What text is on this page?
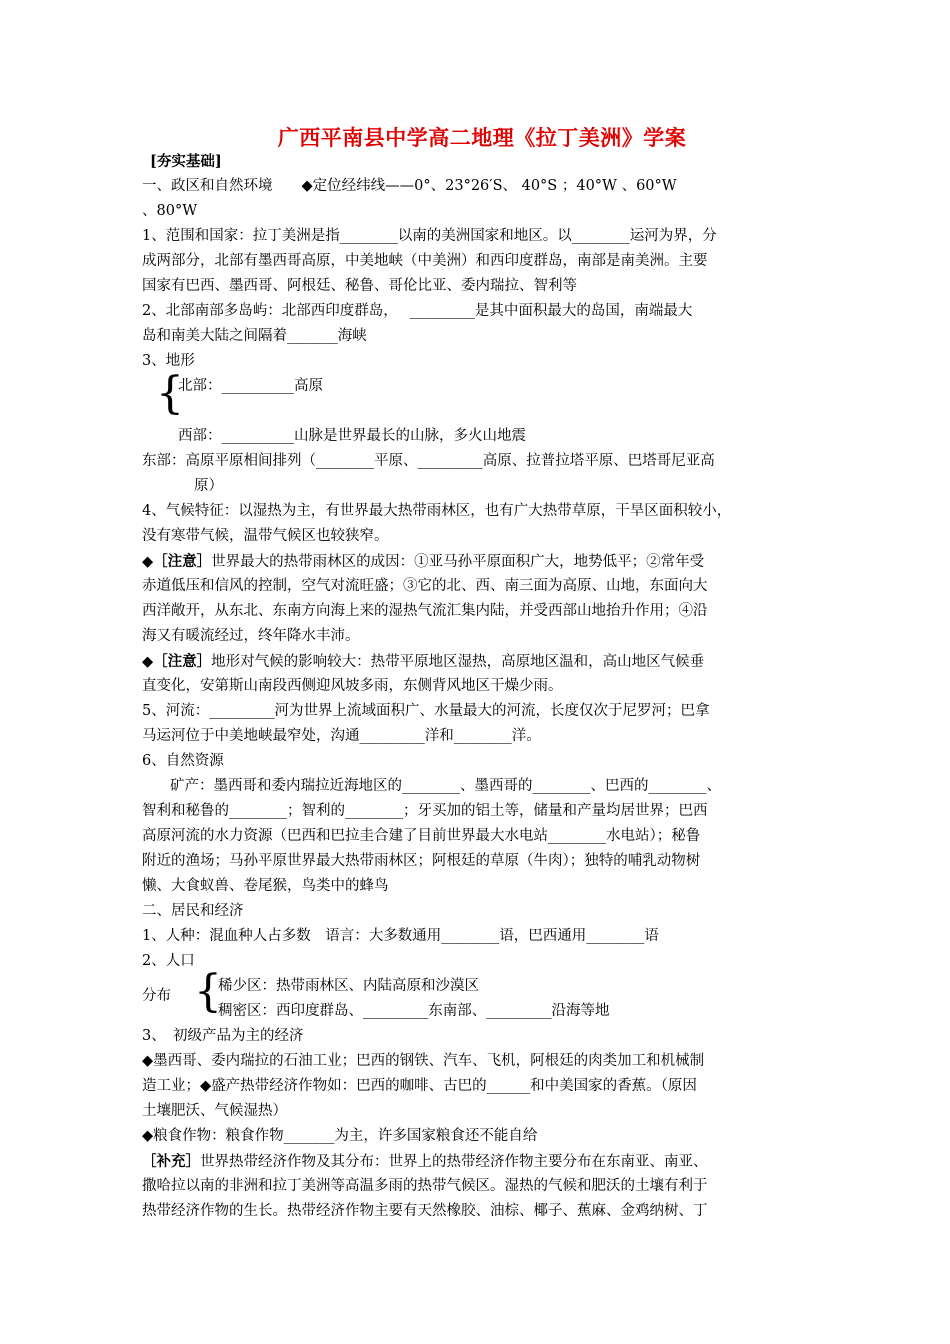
广西平南县中学高二地理《拉丁美洲》学案

[夯实基础]

一、政区和自然环境　　◆定位经纬线——0°、23°26′S、 40°S ；40°W 、60°W

、80°W

1、范围和国家：拉丁美洲是指________以南的美洲国家和地区。以________运河为界，分

成两部分，北部有墨西哥高原，中美地峡（中美洲）和西印度群岛，南部是南美洲。主要

国家有巴西、墨西哥、阿根廷、秘鲁、哥伦比亚、委内瑞拉、智利等

2、北部南部多岛屿：北部西印度群岛，　 _________是其中面积最大的岛国，南端最大

岛和南美大陆之间隔着_______海峡

3、地形

{

北部：__________高原

西部：__________山脉是世界最长的山脉，多火山地震

东部：高原平原相间排列（________平原、_________高原、拉普拉塔平原、巴塔哥尼亚高

原）

4、气候特征：以湿热为主，有世界最大热带雨林区，也有广大热带草原，干旱区面积较小，

没有寒带气候，温带气候区也较狭窄。

◆［注意］世界最大的热带雨林区的成因：①亚马孙平原面积广大，地势低平；②常年受

赤道低压和信风的控制，空气对流旺盛；③它的北、西、南三面为高原、山地，东面向大

西洋敞开，从东北、东南方向海上来的湿热气流汇集内陆，并受西部山地抬升作用；④沿

海又有暖流经过，终年降水丰沛。

◆［注意］地形对气候的影响较大：热带平原地区湿热，高原地区温和，高山地区气候垂

直变化，安第斯山南段西侧迎风坡多雨，东侧背风地区干燥少雨。

5、河流：_________河为世界上流域面积广、水量最大的河流，长度仅次于尼罗河；巴拿

马运河位于中美地峡最窄处，沟通_________洋和________洋。

6、自然资源

矿产：墨西哥和委内瑞拉近海地区的________、墨西哥的________、巴西的________、

智利和秘鲁的________；智利的________；牙买加的铝土等，储量和产量均居世界；巴西

高原河流的水力资源（巴西和巴拉圭合建了目前世界最大水电站________水电站）；秘鲁

附近的渔场；马孙平原世界最大热带雨林区；阿根廷的草原（牛肉）；独特的哺乳动物树

懒、大食蚁兽、卷尾猴，鸟类中的蜂鸟

二、居民和经济

1、人种：混血种人占多数　语言：大多数通用________语，巴西通用________语

2、人口

分布 {

稀少区：热带雨林区、内陆高原和沙漠区

稠密区：西印度群岛、_________东南部、_________沿海等地

3、　初级产品为主的经济

◆墨西哥、委内瑞拉的石油工业；巴西的钢铁、汽车、飞机，阿根廷的肉类加工和机械制

造工业；◆盛产热带经济作物如：巴西的咖啡、古巴的______和中美国家的香蕉。（原因

土壤肥沃、气候湿热）

◆粮食作物：粮食作物_______为主，许多国家粮食还不能自给

［补充］世界热带经济作物及其分布：世界上的热带经济作物主要分布在东南亚、南亚、

撒哈拉以南的非洲和拉丁美洲等高温多雨的热带气候区。湿热的气候和肥沃的土壤有利于

热带经济作物的生长。热带经济作物主要有天然橡胶、油棕、椰子、蕉麻、金鸡纳树、丁
